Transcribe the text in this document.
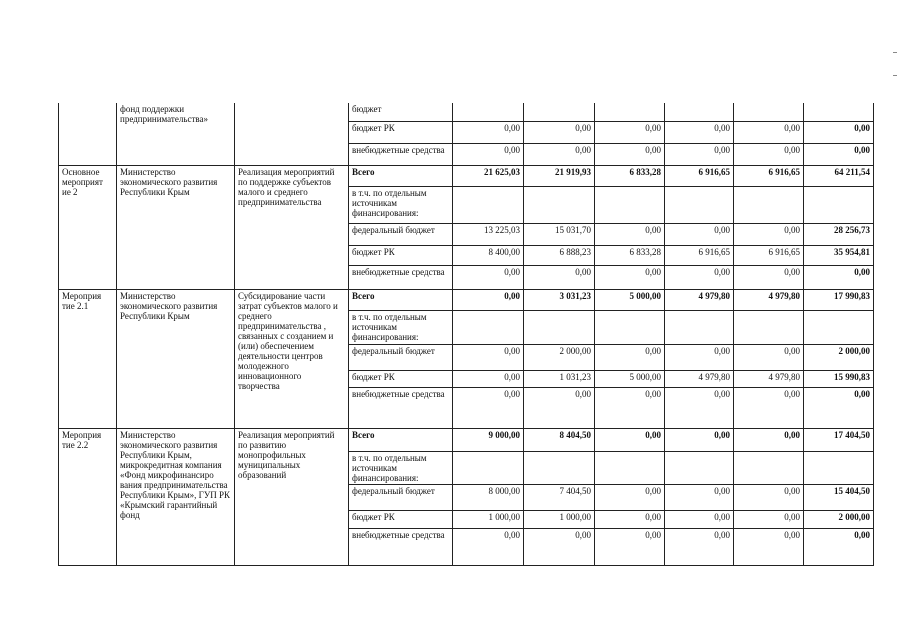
	фонд поддержки предпринимательства»		бюджет						
			бюджет РК	0,00	0,00	0,00	0,00	0,00	0,00
			внебюджетные средства	0,00	0,00	0,00	0,00	0,00	0,00
Основное мероприят ие 2	Министерство экономического развития Республики Крым	Реализация мероприятий по поддержке субъектов малого и среднего предпринимательства	Всего	21 625,03	21 919,93	6 833,28	6 916,65	6 916,65	64 211,54
			в т.ч. по отдельным источникам финансирования:						
			федеральный бюджет	13 225,03	15 031,70	0,00	0,00	0,00	28 256,73
			бюджет РК	8 400,00	6 888,23	6 833,28	6 916,65	6 916,65	35 954,81
			внебюджетные средства	0,00	0,00	0,00	0,00	0,00	0,00
Мероприя тие 2.1	Министерство экономического развития Республики Крым	Субсидирование части затрат субъектов малого и среднего предпринимательства , связанных с созданием и (или) обеспечением деятельности центров молодежного инновационного творчества	Всего	0,00	3 031,23	5 000,00	4 979,80	4 979,80	17 990,83
			в т.ч. по отдельным источникам финансирования:						
			федеральный бюджет	0,00	2 000,00	0,00	0,00	0,00	2 000,00
			бюджет РК	0,00	1 031,23	5 000,00	4 979,80	4 979,80	15 990,83
			внебюджетные средства	0,00	0,00	0,00	0,00	0,00	0,00
Мероприя тие 2.2	Министерство экономического развития Республики Крым, микрокредитная компания «Фонд микрофинансиро вания предпринимательства Республики Крым», ГУП РК «Крымский гарантийный фонд	Реализация мероприятий по развитию монопрофильных муниципальных образований	Всего	9 000,00	8 404,50	0,00	0,00	0,00	17 404,50
			в т.ч. по отдельным источникам финансирования:						
			федеральный бюджет	8 000,00	7 404,50	0,00	0,00	0,00	15 404,50
			бюджет РК	1 000,00	1 000,00	0,00	0,00	0,00	2 000,00
			внебюджетные средства	0,00	0,00	0,00	0,00	0,00	0,00
